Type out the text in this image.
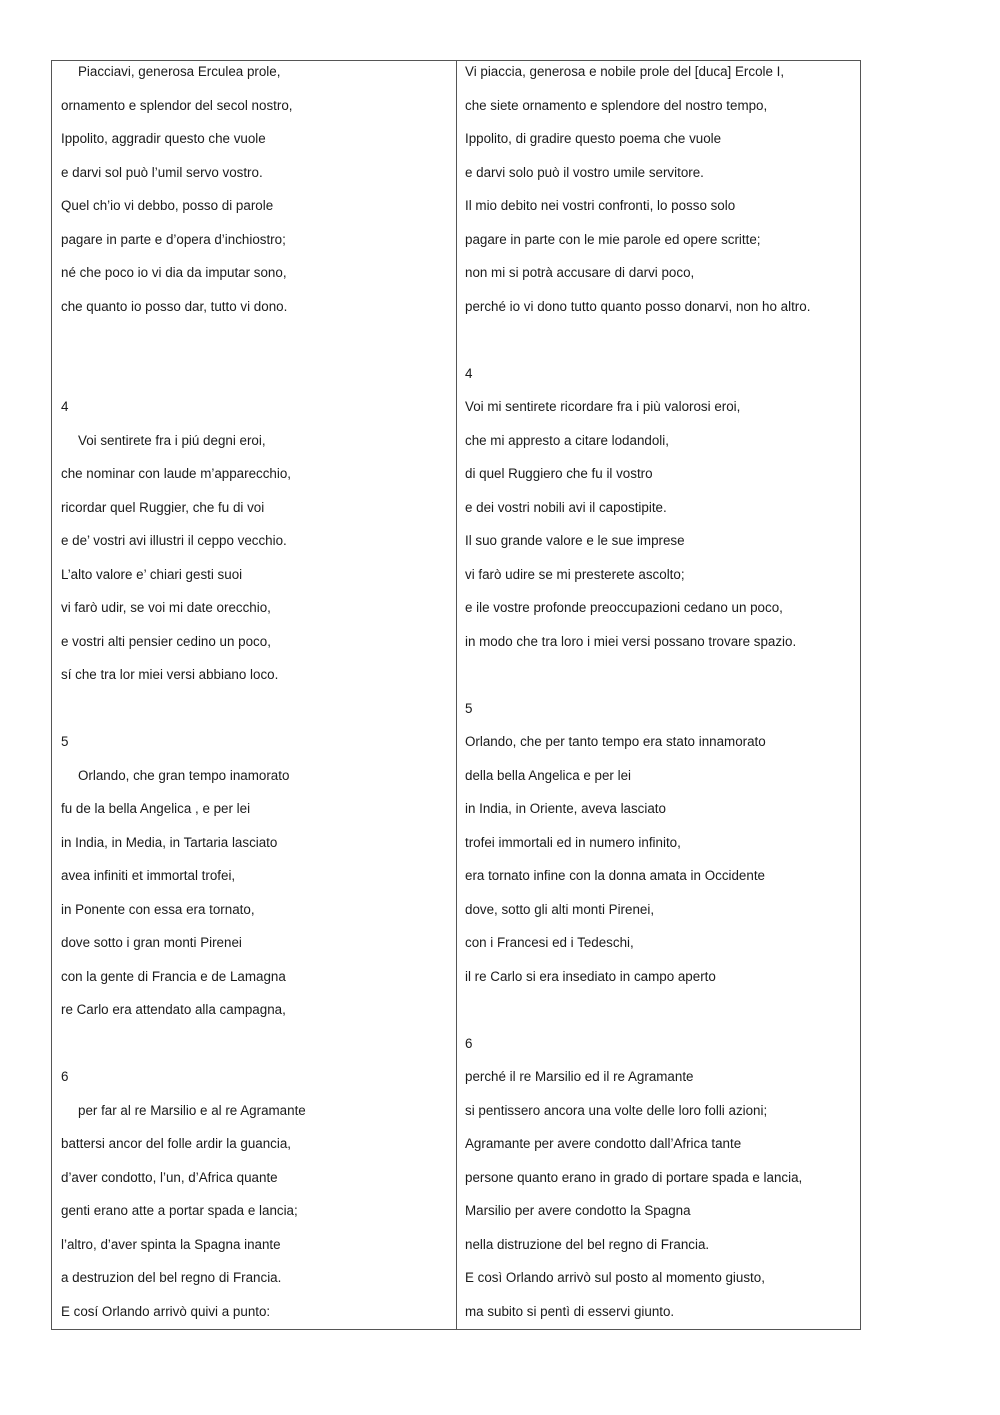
Piacciavi, generosa Erculea prole,
ornamento e splendor del secol nostro,
Ippolito, aggradir questo che vuole
e darvi sol può l’umil servo vostro.
Quel ch’io vi debbo, posso di parole
pagare in parte e d’opera d’inchiostro;
né che poco io vi dia da imputar sono,
che quanto io posso dar, tutto vi dono.
4
Voi sentirete fra i piú degni eroi,
che nominar con laude m’apparecchio,
ricordar quel Ruggier, che fu di voi
e de’ vostri avi illustri il ceppo vecchio.
L’alto valore e’ chiari gesti suoi
vi farò udir, se voi mi date orecchio,
e vostri alti pensier cedino un poco,
sí che tra lor miei versi abbiano loco.
5
Orlando, che gran tempo inamorato
fu de la bella Angelica , e per lei
in India, in Media, in Tartaria lasciato
avea infiniti et immortal trofei,
in Ponente con essa era tornato,
dove sotto i gran monti Pirenei
con la gente di Francia e de Lamagna
re Carlo era attendato alla campagna,
6
per far al re Marsilio e al re Agramante
battersi ancor del folle ardir la guancia,
d’aver condotto, l’un, d’Africa quante
genti erano atte a portar spada e lancia;
l’altro, d’aver spinta la Spagna inante
a destruzion del bel regno di Francia.
E cosí Orlando arrivò quivi a punto:
Vi piaccia, generosa e nobile prole del [duca] Ercole I,
che siete ornamento e splendore del nostro tempo,
Ippolito, di gradire questo poema che vuole
e darvi solo può il vostro umile servitore.
Il mio debito nei vostri confronti, lo posso solo
pagare in parte con le mie parole ed opere scritte;
non mi si potrà accusare di darvi poco,
perché io vi dono tutto quanto posso donarvi, non ho altro.
4
Voi mi sentirete ricordare fra i più valorosi eroi,
che mi appresto a citare lodandoli,
di quel Ruggiero che fu il vostro
e dei vostri nobili avi il capostipite.
Il suo grande valore e le sue imprese
vi farò udire se mi presterete ascolto;
e ile vostre profonde preoccupazioni cedano un poco,
in modo che tra loro i miei versi possano trovare spazio.
5
Orlando, che per tanto tempo era stato innamorato
della bella Angelica e per lei
in India, in Oriente, aveva lasciato
trofei immortali ed in numero infinito,
era tornato infine con la donna amata in Occidente
dove, sotto gli alti monti Pirenei,
con i Francesi ed i Tedeschi,
il re Carlo si era insediato in campo aperto
6
perché il re Marsilio ed il re Agramante
si pentissero ancora una volte delle loro folli azioni;
Agramante per avere condotto dall’Africa tante
persone quanto erano in grado di portare spada e lancia,
Marsilio per avere condotto la Spagna
nella distruzione del bel regno di Francia.
E così Orlando arrivò sul posto al momento giusto,
ma subito si pentì di esservi giunto.
